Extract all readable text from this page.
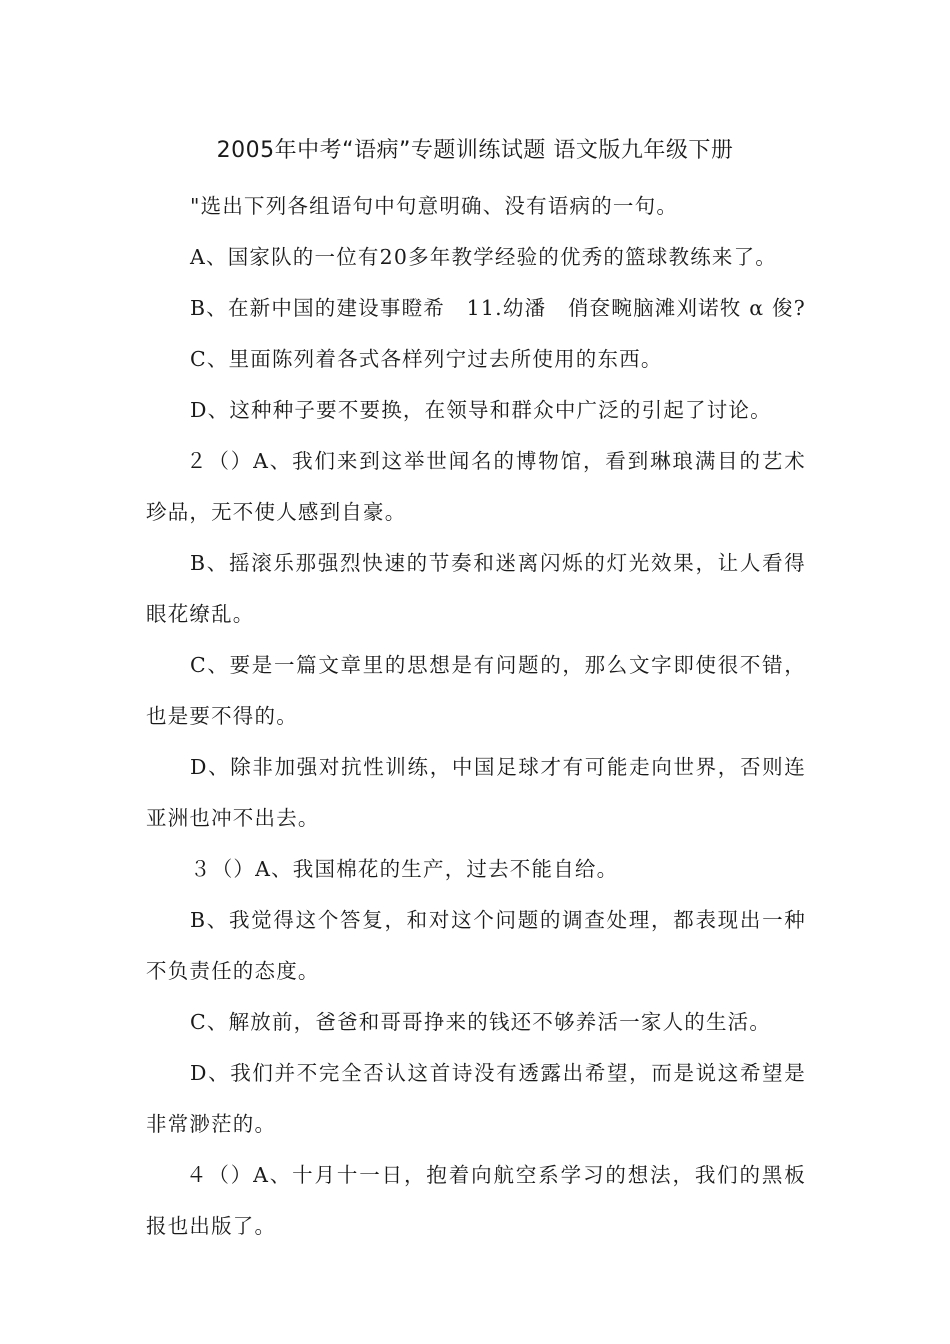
2005年中考“语病”专题训练试题 语文版九年级下册

"选出下列各组语句中句意明确、没有语病的一句。

A、国家队的一位有20多年教学经验的优秀的篮球教练来了。

B、在新中国的建设事瞪希　11.幼潘　俏奁畹脑滩刈诺牧 α 俊?

C、里面陈列着各式各样列宁过去所使用的东西。

D、这种种子要不要换，在领导和群众中广泛的引起了讨论。

２（）A、我们来到这举世闻名的博物馆，看到琳琅满目的艺术珍品，无不使人感到自豪。

B、摇滚乐那强烈快速的节奏和迷离闪烁的灯光效果，让人看得眼花缭乱。

C、要是一篇文章里的思想是有问题的，那么文字即使很不错，也是要不得的。

D、除非加强对抗性训练，中国足球才有可能走向世界，否则连亚洲也冲不出去。

３（）A、我国棉花的生产，过去不能自给。

B、我觉得这个答复，和对这个问题的调查处理，都表现出一种不负责任的态度。

C、解放前，爸爸和哥哥挣来的钱还不够养活一家人的生活。

D、我们并不完全否认这首诗没有透露出希望，而是说这希望是非常渺茫的。

４（）A、十月十一日，抱着向航空系学习的想法，我们的黑板报也出版了。
